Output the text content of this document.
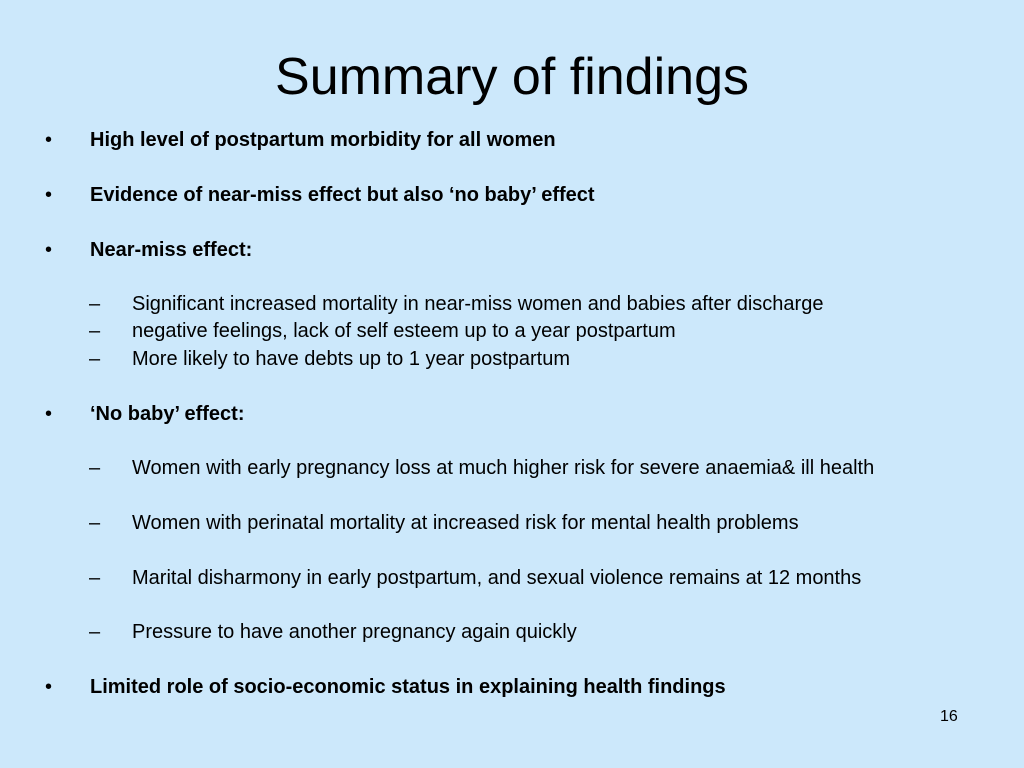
Summary of findings
• High level of postpartum morbidity for all women
• Evidence of near-miss effect but also ‘no baby’ effect
• Near-miss effect:
– Significant increased mortality in near-miss women and babies after discharge
– negative feelings, lack of self esteem up to a year postpartum
– More likely to have debts up to 1 year postpartum
• ‘No baby’ effect:
– Women with early pregnancy loss at much higher risk for severe anaemia& ill health
– Women with perinatal mortality at increased risk for mental health problems
– Marital disharmony in early postpartum, and sexual violence remains at 12 months
– Pressure to have another pregnancy again quickly
• Limited role of socio-economic status in explaining health findings
16
